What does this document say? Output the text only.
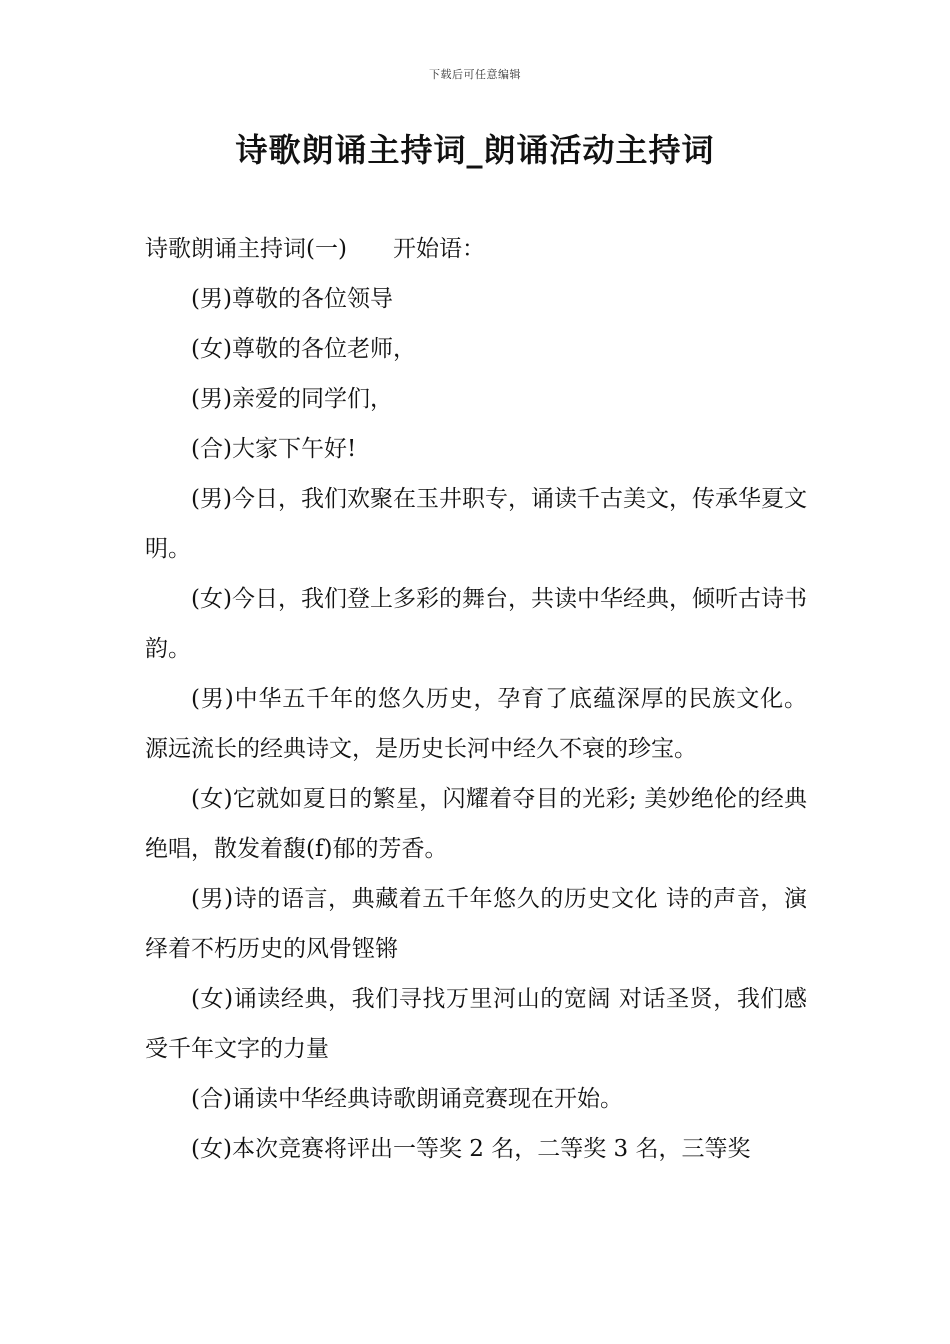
下载后可任意编辑
诗歌朗诵主持词_朗诵活动主持词

诗歌朗诵主持词(一)　　开始语：

(男)尊敬的各位领导

(女)尊敬的各位老师，

(男)亲爱的同学们，

(合)大家下午好!

(男)今日，我们欢聚在玉井职专，诵读千古美文，传承华夏文明。

(女)今日，我们登上多彩的舞台，共读中华经典，倾听古诗书韵。

(男)中华五千年的悠久历史，孕育了底蕴深厚的民族文化。 源远流长的经典诗文，是历史长河中经久不衰的珍宝。

(女)它就如夏日的繁星，闪耀着夺目的光彩; 美妙绝伦的经典绝唱，散发着馥(f)郁的芳香。

(男)诗的语言，典藏着五千年悠久的历史文化 诗的声音，演绎着不朽历史的风骨铿锵

(女)诵读经典，我们寻找万里河山的宽阔 对话圣贤，我们感受千年文字的力量

(合)诵读中华经典诗歌朗诵竞赛现在开始。

(女)本次竞赛将评出一等奖 2 名，二等奖 3 名，三等奖
